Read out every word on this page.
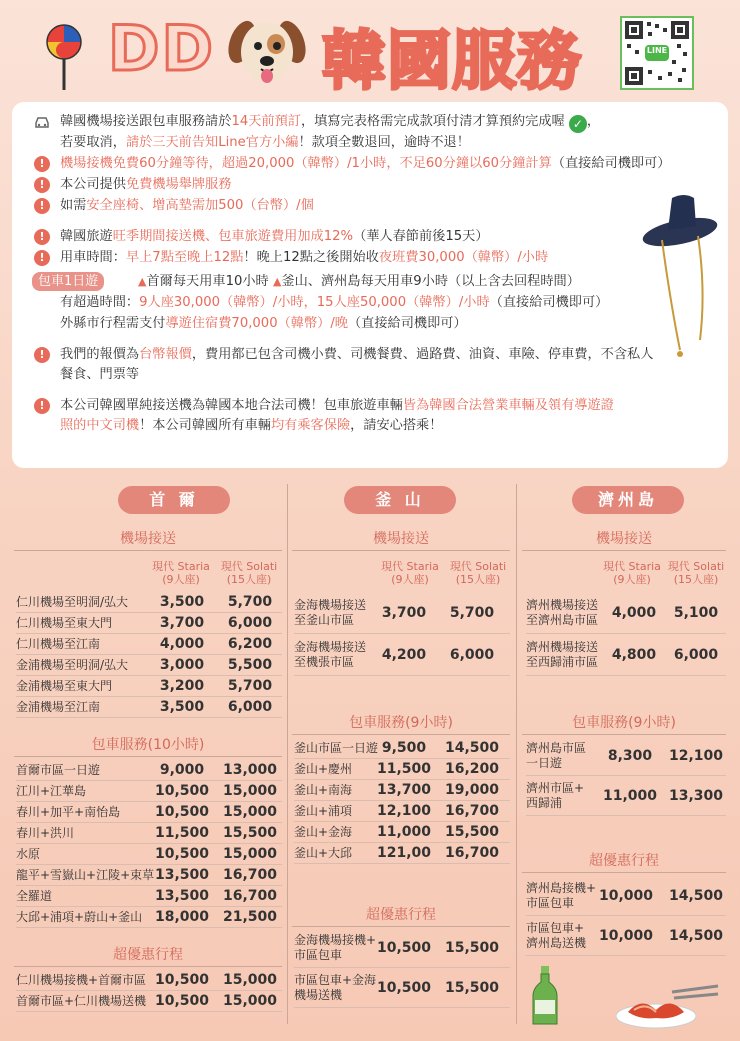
DD 韓國服務	LINE
韓國機場接送跟包車服務請於14天前預訂，填寫完表格需完成款項付清才算預約完成喔 ✓ ，
若要取消，請於三天前告知Line官方小編！款項全數退回，逾時不退！
!	機場接機免費60分鐘等待，超過20,000（韓幣）/1小時，不足60分鐘以60分鐘計算（直接給司機即可）
!	本公司提供免費機場舉牌服務
!	如需安全座椅、增高墊需加500（台幣）/個
!	韓國旅遊旺季期間接送機、包車旅遊費用加成12%（華人春節前後15天）
!	用車時間：早上7點至晚上12點！晚上12點之後開始收夜班費30,000（韓幣）/小時
包車1日遊	▲首爾每天用車10小時 ▲釜山、濟州島每天用車9小時（以上含去回程時間）
有超過時間：9人座30,000（韓幣）/小時，15人座50,000（韓幣）/小時（直接給司機即可）
外縣市行程需支付導遊住宿費70,000（韓幣）/晚（直接給司機即可）
!	我們的報價為台幣報價，費用都已包含司機小費、司機餐費、過路費、油資、車險、停車費，不含私人
餐食、門票等
!	本公司韓國單純接送機為韓國本地合法司機！包車旅遊車輛皆為韓國合法營業車輛及領有導遊證
照的中文司機！本公司韓國所有車輛均有乘客保險，請安心搭乘！
首 爾
機場接送
現代 Staria
(9人座)
現代 Solati
(15人座)
仁川機場至明洞/弘大	3,500	5,700
仁川機場至東大門	3,700	6,000
仁川機場至江南	4,000	6,200
金浦機場至明洞/弘大	3,000	5,500
金浦機場至東大門	3,200	5,700
金浦機場至江南	3,500	6,000
包車服務(10小時)
首爾市區一日遊	9,000	13,000
江川+江華島	10,500 15,000
春川+加平+南怡島 10,500 15,000
春川+洪川	11,500 15,500
水原	10,500 15,000
龍平+雪嶽山+江陵+束草 13,500 16,700
全羅道	13,500 16,700
大邱+浦項+蔚山+釜山 18,000 21,500
超優惠行程
仁川機場接機+首爾市區 10,500 15,000
首爾市區+仁川機場送機 10,500 15,000
釜 山
機場接送
現代 Staria
(9人座)
現代 Solati
(15人座)
金海機場接送
至釜山市區	3,700	5,700
金海機場接送
至機張市區	4,200	6,000
包車服務(9小時)
釜山市區一日遊 9,500	14,500
釜山+慶州 11,500 16,200
釜山+南海 13,700 19,000
釜山+浦項 12,100 16,700
釜山+金海 11,000 15,500
釜山+大邱 121,00 16,700
超優惠行程
金海機場接機+
市區包車	10,500 15,500
市區包車+金海
機場送機	10,500 15,500
濟州島
機場接送
現代 Staria
(9人座)
現代 Solati
(15人座)
濟州機場接送
至濟州島市區 4,000	5,100
濟州機場接送
至西歸浦市區 4,800	6,000
包車服務(9小時)
濟州島市區
一日遊	8,300	12,100
濟州市區+
西歸浦	11,000 13,300
超優惠行程
濟州島接機+
市區包車	10,000 14,500
市區包車+
濟州島送機 10,000 14,500
